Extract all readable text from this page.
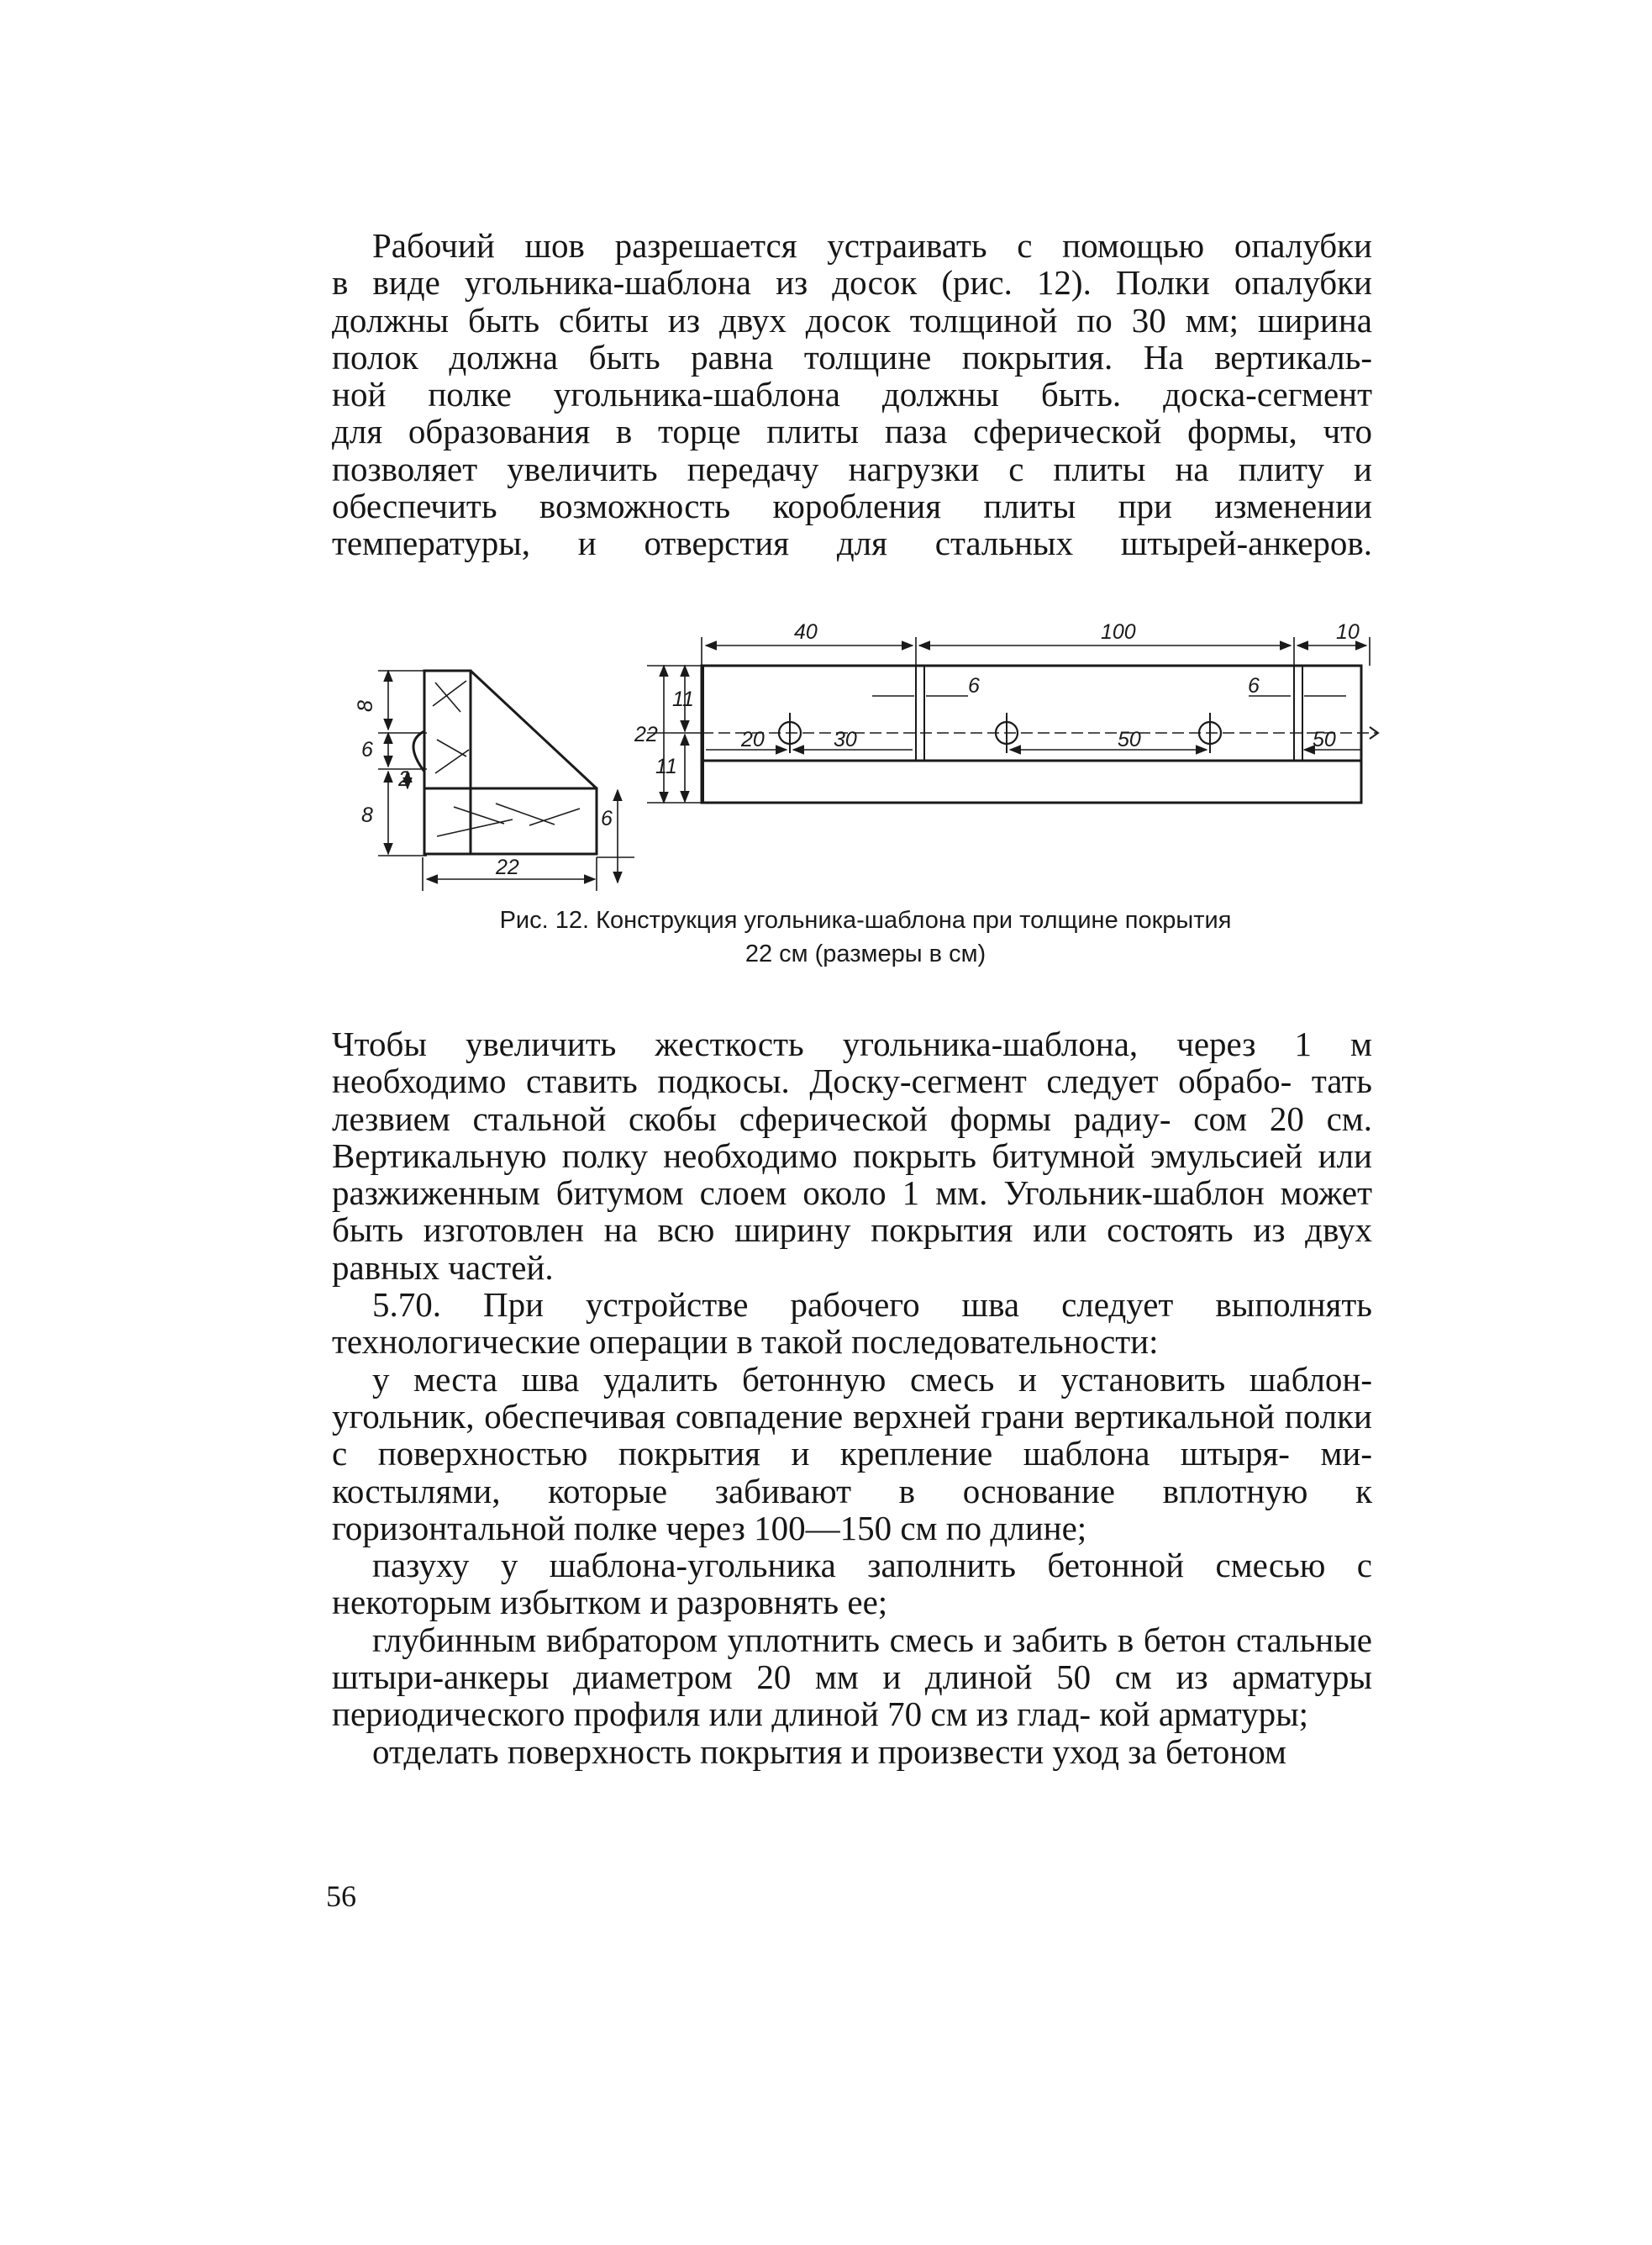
Рабочий шов разрешается устраивать с помощью опалубки

в виде угольника-шаблона из досок (рис. 12). Полки опалубки

должны быть сбиты из двух досок толщиной по 30 мм; ширина

полок должна быть равна толщине покрытия. На вертикаль-

ной полке угольника-шаблона должны быть. доска-сегмент

для образования в торце плиты паза сферической формы, что

позволяет увеличить передачу нагрузки с плиты на плиту и

обеспечить возможность коробления плиты при изменении

температуры, и отверстия для стальных штырей-анкеров.

8
6
2
8
22
6
22
11
11
40	100	10
6	6
20	30	50	50
Рис. 12. Конструкция угольника-шаблона при толщине покрытия
22 см (размеры в см)

Чтобы увеличить жесткость угольника-шаблона, через 1 м необходимо ставить подкосы. Доску-сегмент следует обрабо- тать лезвием стальной скобы сферической формы радиу- сом 20 см. Вертикальную полку необходимо покрыть битумной эмульсией или разжиженным битумом слоем около 1 мм. Угольник-шаблон может быть изготовлен на всю ширину покрытия или состоять из двух равных частей.

5.70. При устройстве рабочего шва следует выполнять технологические операции в такой последовательности:

у места шва удалить бетонную смесь и установить шаблон- угольник, обеспечивая совпадение верхней грани вертикальной полки с поверхностью покрытия и крепление шаблона штыря- ми-костылями, которые забивают в основание вплотную к горизонтальной полке через 100—150 см по длине;

пазуху у шаблона-угольника заполнить бетонной смесью с некоторым избытком и разровнять ее;

глубинным вибратором уплотнить смесь и забить в бетон стальные штыри-анкеры диаметром 20 мм и длиной 50 см из арматуры периодического профиля или длиной 70 см из глад- кой арматуры;

отделать поверхность покрытия и произвести уход за бетоном

56
